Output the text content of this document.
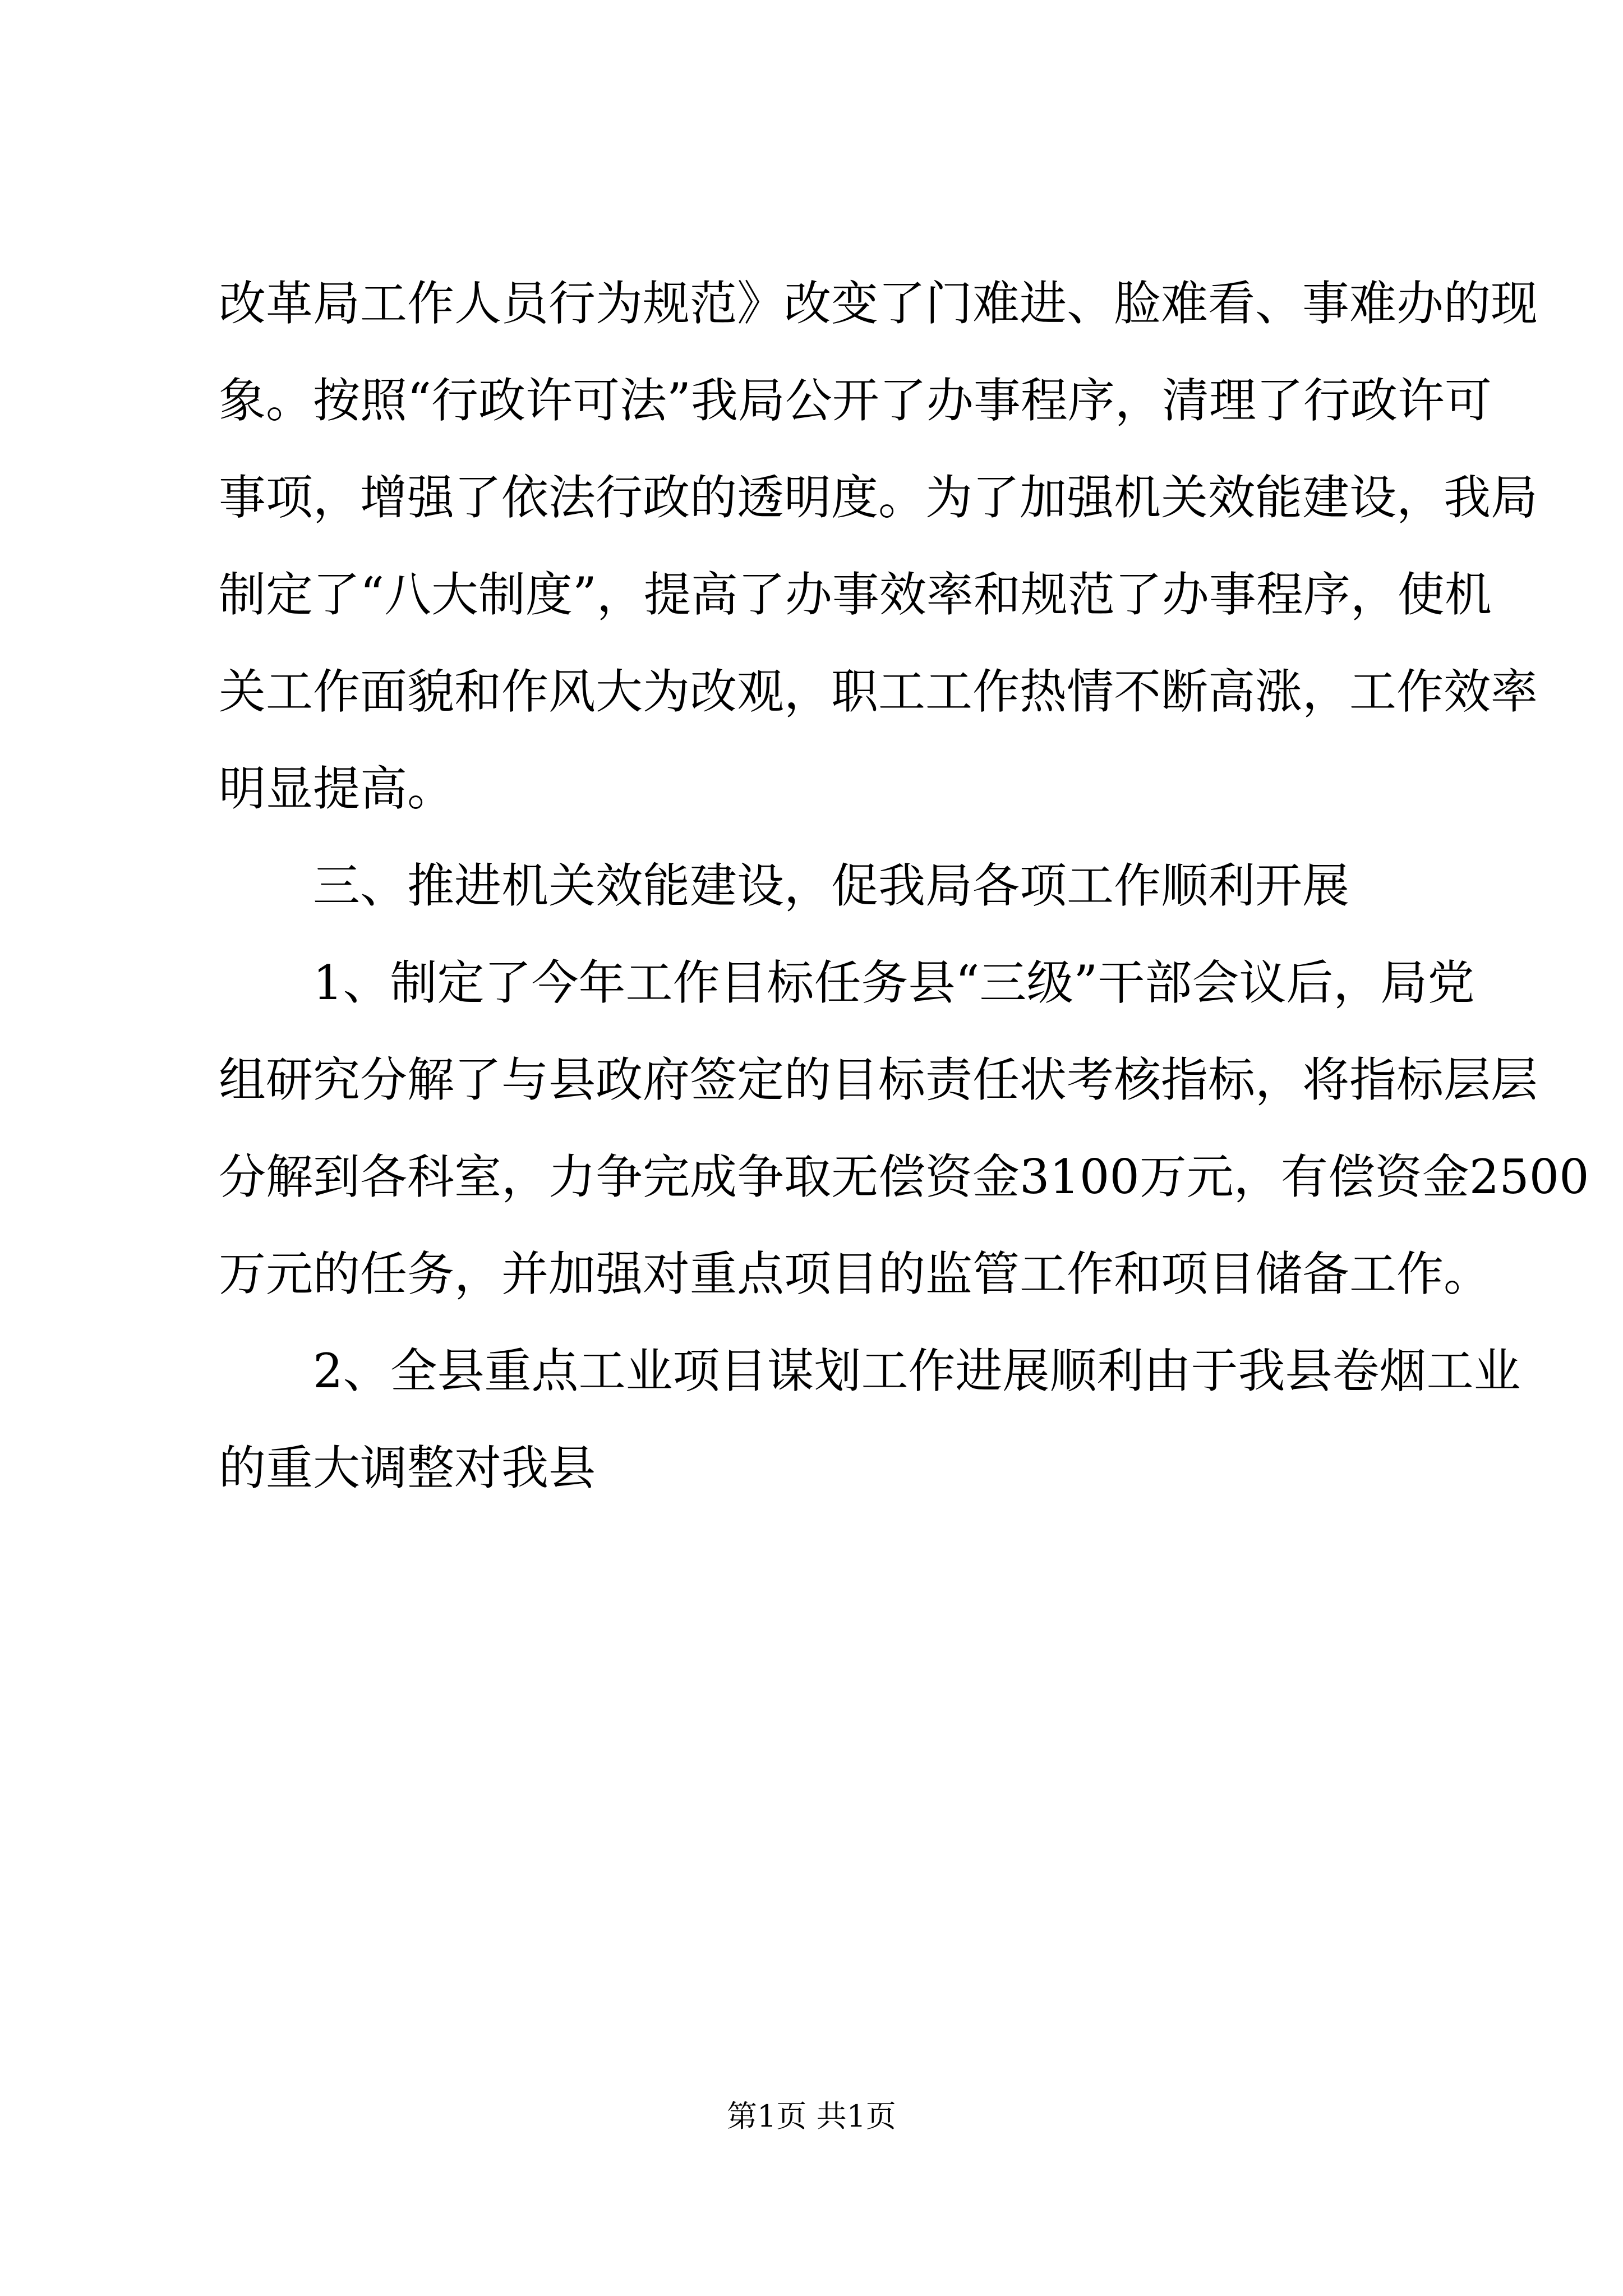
改革局工作人员行为规范》改变了门难进、脸难看、事难办的现
象。按照“行政许可法”我局公开了办事程序，清理了行政许可
事项，增强了依法行政的透明度。为了加强机关效能建设，我局
制定了“八大制度”，提高了办事效率和规范了办事程序，使机
关工作面貌和作风大为改观，职工工作热情不断高涨，工作效率
明显提高。
三、推进机关效能建设，促我局各项工作顺利开展
1、制定了今年工作目标任务县“三级”干部会议后，局党
组研究分解了与县政府签定的目标责任状考核指标，将指标层层
分解到各科室，力争完成争取无偿资金3100万元，有偿资金2500
万元的任务，并加强对重点项目的监管工作和项目储备工作。
2、全县重点工业项目谋划工作进展顺利由于我县卷烟工业
的重大调整对我县
第1页 共1页
